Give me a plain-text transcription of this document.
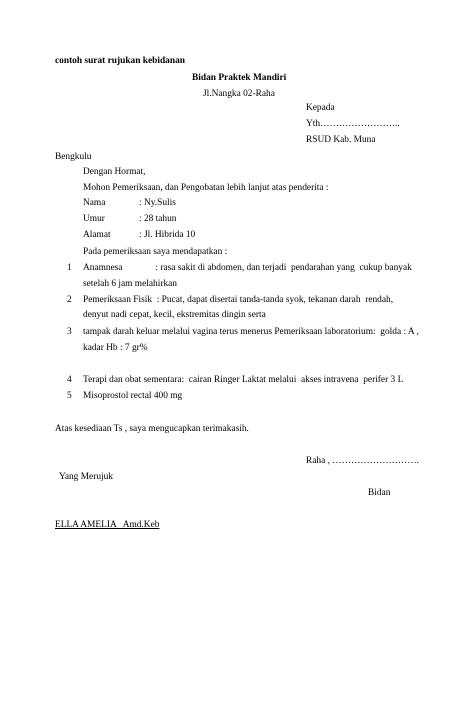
contoh surat rujukan kebidanan
Bidan Praktek Mandiri
Jl.Nangka 02-Raha
Kepada
Yth……………………..
RSUD Kab. Muna
Bengkulu
Dengan Hormat,
Mohon Pemeriksaan, dan Pengobatan lebih lanjut atas penderita :
Nama	: Ny.Sulis
Umur	: 28 tahun
Alamat	: Jl. Hibrida 10
Pada pemeriksaan saya mendapatkan :
1 Anamnesa              : rasa sakit di abdomen, dan terjadi  pendarahan yang  cukup banyak
setelah 6 jam melahirkan
2 Pemeriksaan Fisik  : Pucat, dapat disertai tanda-tanda syok, tekanan darah  rendah,
denyut nadi cepat, kecil, ekstremitas dingin serta
3 tampak darah keluar melalui vagina terus menerus Pemeriksaan laboratorium:  golda : A ,
kadar Hb : 7 gr%
4 Terapi dan obat sementara:  cairan Ringer Laktat melalui  akses intravena  perifer 3 L
5 Misoprostol rectal 400 mg
Atas kesediaan Ts , saya mengucapkan terimakasih.
Raha , ……………………….
Yang Merujuk
Bidan
ELLA AMELIA   Amd.Keb
